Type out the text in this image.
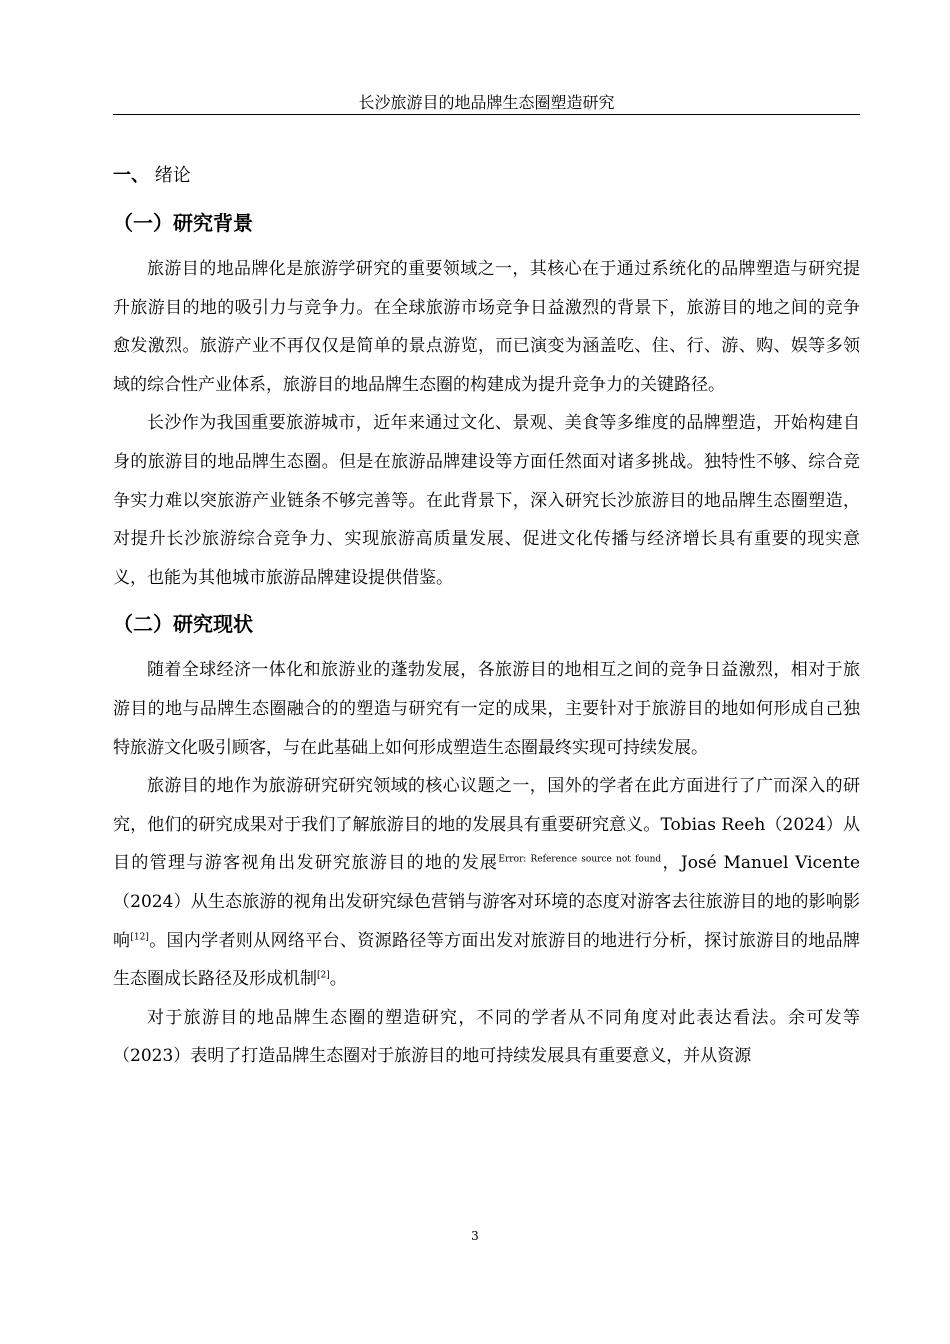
长沙旅游目的地品牌生态圈塑造研究
一、 绪论
（一）研究背景

旅游目的地品牌化是旅游学研究的重要领域之一，其核心在于通过系统化的品牌塑造与研究提升旅游目的地的吸引力与竞争力。在全球旅游市场竞争日益激烈的背景下，旅游目的地之间的竞争愈发激烈。旅游产业不再仅仅是简单的景点游览，而已演变为涵盖吃、住、行、游、购、娱等多领域的综合性产业体系，旅游目的地品牌生态圈的构建成为提升竞争力的关键路径。

长沙作为我国重要旅游城市，近年来通过文化、景观、美食等多维度的品牌塑造，开始构建自身的旅游目的地品牌生态圈。但是在旅游品牌建设等方面任然面对诸多挑战。独特性不够、综合竞争实力难以突旅游产业链条不够完善等。在此背景下，深入研究长沙旅游目的地品牌生态圈塑造，对提升长沙旅游综合竞争力、实现旅游高质量发展、促进文化传播与经济增长具有重要的现实意义，也能为其他城市旅游品牌建设提供借鉴。

（二）研究现状

随着全球经济一体化和旅游业的蓬勃发展，各旅游目的地相互之间的竞争日益激烈，相对于旅游目的地与品牌生态圈融合的的塑造与研究有一定的成果，主要针对于旅游目的地如何形成自己独特旅游文化吸引顾客，与在此基础上如何形成塑造生态圈最终实现可持续发展。

旅游目的地作为旅游研究研究领域的核心议题之一，国外的学者在此方面进行了广而深入的研究，他们的研究成果对于我们了解旅游目的地的发展具有重要研究意义。Tobias Reeh（2024）从目的管理与游客视角出发研究旅游目的地的发展$^{Error: Reference source not found}$，José Manuel Vicente（2024）从生态旅游的视角出发研究绿色营销与游客对环境的态度对游客去往旅游目的地的影响影响[12]。国内学者则从网络平台、资源路径等方面出发对旅游目的地进行分析，探讨旅游目的地品牌生态圈成长路径及形成机制[2]。

对于旅游目的地品牌生态圈的塑造研究，不同的学者从不同角度对此表达看法。余可发等（2023）表明了打造品牌生态圈对于旅游目的地可持续发展具有重要意义，并从资源

3
